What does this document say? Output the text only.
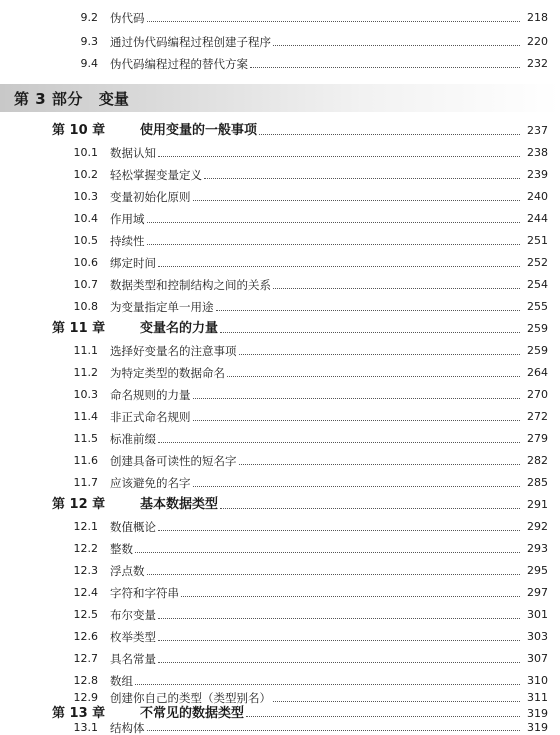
9.2 伪代码	218
9.3 通过伪代码编程过程创建子程序	220
9.4 伪代码编程过程的替代方案	232
第 3 部分 变量
第 10 章	使用变量的一般事项	237
10.1 数据认知	238
10.2 轻松掌握变量定义	239
10.3 变量初始化原则	240
10.4 作用域	244
10.5 持续性	251
10.6 绑定时间	252
10.7 数据类型和控制结构之间的关系	254
10.8 为变量指定单一用途	255
第 11 章	变量名的力量	259
11.1 选择好变量名的注意事项	259
11.2 为特定类型的数据命名	264
10.3 命名规则的力量	270
11.4 非正式命名规则	272
11.5 标准前缀	279
11.6 创建具备可读性的短名字	282
11.7 应该避免的名字	285
第 12 章	基本数据类型	291
12.1 数值概论	292
12.2 整数	293
12.3 浮点数	295
12.4 字符和字符串	297
12.5 布尔变量	301
12.6 枚举类型	303
12.7 具名常量	307
12.8 数组	310
12.9 创建你自己的类型（类型别名）	311
第 13 章	不常见的数据类型	319
13.1 结构体	319
